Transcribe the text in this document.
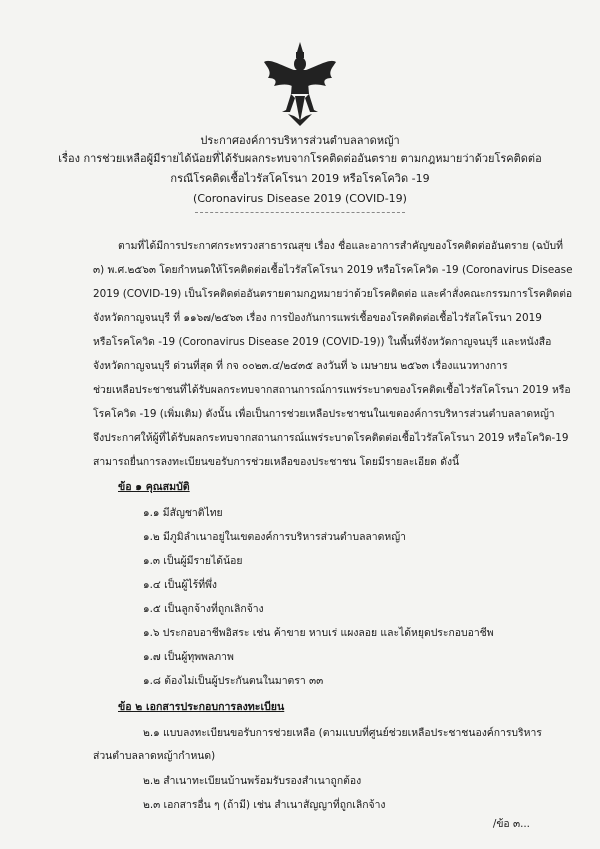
ประกาศองค์การบริหารส่วนตำบลลาดหญ้า
เรื่อง การช่วยเหลือผู้มีรายได้น้อยที่ได้รับผลกระทบจากโรคติดต่ออันตราย ตามกฎหมายว่าด้วยโรคติดต่อ
กรณีโรคติดเชื้อไวรัสโคโรนา 2019 หรือโรคโควิด -19
(Coronavirus Disease 2019 (COVID-19)
ตามที่ได้มีการประกาศกระทรวงสาธารณสุข เรื่อง ชื่อและอาการสำคัญของโรคติดต่ออันตราย (ฉบับที่
๓) พ.ศ.๒๕๖๓ โดยกำหนดให้โรคติดต่อเชื้อไวรัสโคโรนา 2019 หรือโรคโควิด -19 (Coronavirus Disease
2019 (COVID-19) เป็นโรคติดต่ออันตรายตามกฎหมายว่าด้วยโรคติดต่อ และคำสั่งคณะกรรมการโรคติดต่อ
จังหวัดกาญจนบุรี ที่ ๑๑๖๗/๒๕๖๓ เรื่อง การป้องกันการแพร่เชื้อของโรคติดต่อเชื้อไวรัสโคโรนา 2019
หรือโรคโควิด -19 (Coronavirus Disease 2019 (COVID-19)) ในพื้นที่จังหวัดกาญจนบุรี และหนังสือ
จังหวัดกาญจนบุรี ด่วนที่สุด ที่ กจ ๐๐๒๓.๔/๒๔๓๕ ลงวันที่ ๖ เมษายน ๒๕๖๓ เรื่องแนวทางการ
ช่วยเหลือประชาชนที่ได้รับผลกระทบจากสถานการณ์การแพร่ระบาดของโรคติดเชื้อไวรัสโคโรนา 2019 หรือ
โรคโควิด -19 (เพิ่มเติม) ดังนั้น เพื่อเป็นการช่วยเหลือประชาชนในเขตองค์การบริหารส่วนตำบลลาดหญ้า
จึงประกาศให้ผู้ที่ได้รับผลกระทบจากสถานการณ์แพร่ระบาดโรคติดต่อเชื้อไวรัสโคโรนา 2019 หรือโควิด-19
สามารถยื่นการลงทะเบียนขอรับการช่วยเหลือของประชาชน โดยมีรายละเอียด ดังนี้
ข้อ ๑ คุณสมบัติ
๑.๑ มีสัญชาติไทย
๑.๒ มีภูมิลำเนาอยู่ในเขตองค์การบริหารส่วนตำบลลาดหญ้า
๑.๓ เป็นผู้มีรายได้น้อย
๑.๔ เป็นผู้ไร้ที่พึ่ง
๑.๕ เป็นลูกจ้างที่ถูกเลิกจ้าง
๑.๖ ประกอบอาชีพอิสระ เช่น ค้าขาย หาบเร่ แผงลอย และได้หยุดประกอบอาชีพ
๑.๗ เป็นผู้ทุพพลภาพ
๑.๘ ต้องไม่เป็นผู้ประกันตนในมาตรา ๓๓
ข้อ ๒ เอกสารประกอบการลงทะเบียน
๒.๑ แบบลงทะเบียนขอรับการช่วยเหลือ (ตามแบบที่ศูนย์ช่วยเหลือประชาชนองค์การบริหาร
ส่วนตำบลลาดหญ้ากำหนด)
๒.๒ สำเนาทะเบียนบ้านพร้อมรับรองสำเนาถูกต้อง
๒.๓ เอกสารอื่น ๆ (ถ้ามี) เช่น สำเนาสัญญาที่ถูกเลิกจ้าง
/ข้อ ๓...
